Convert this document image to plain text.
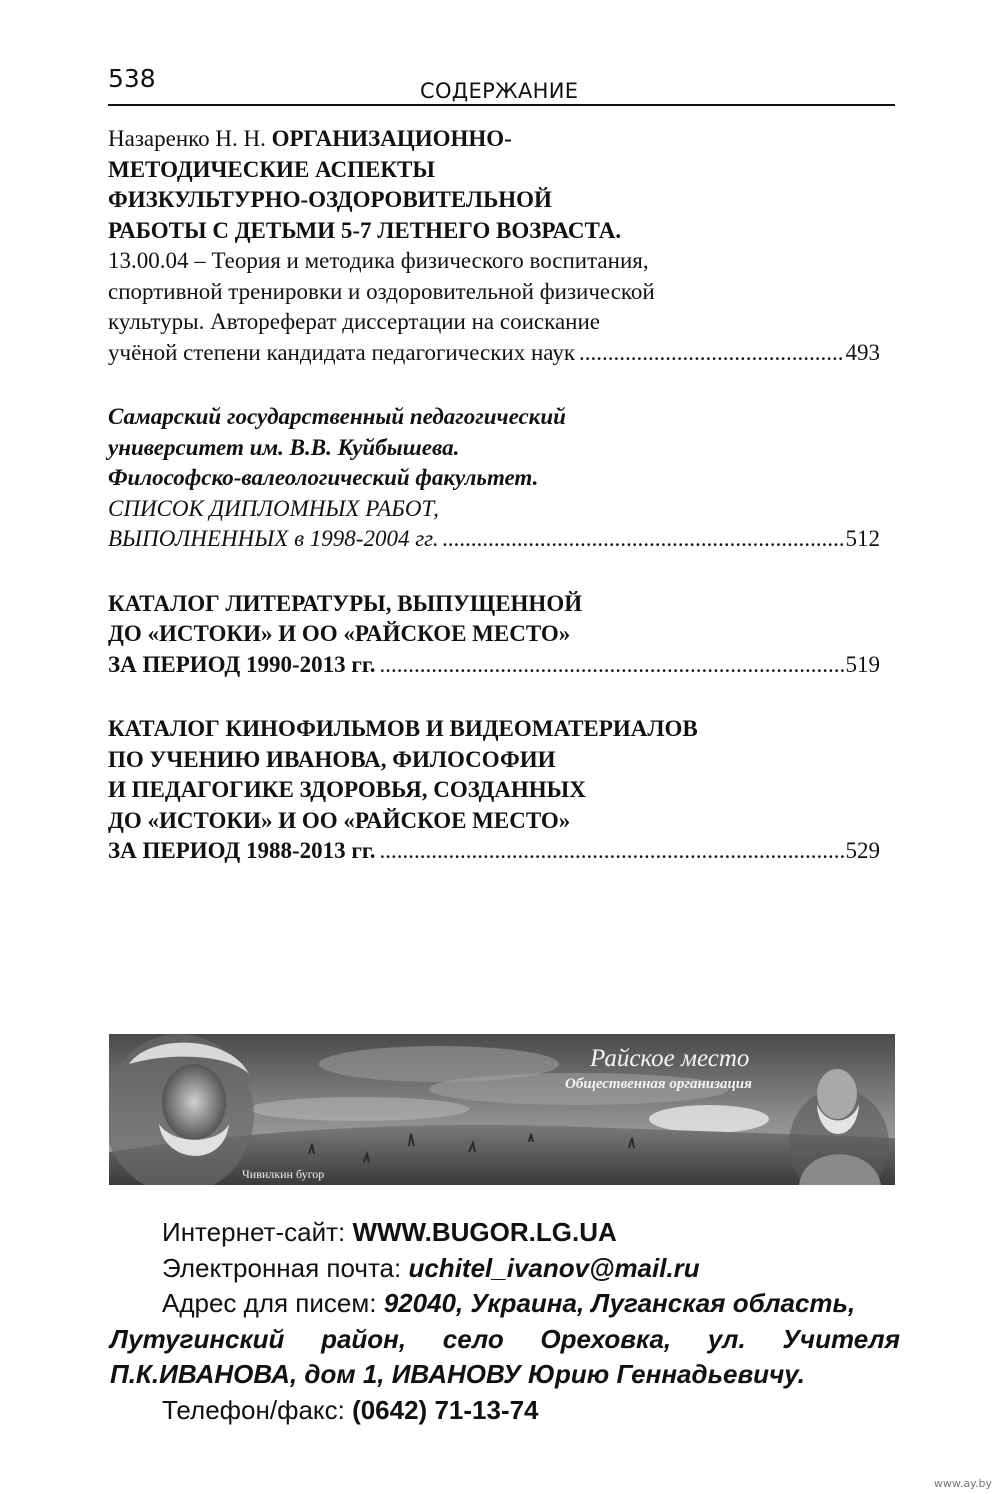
538	СОДЕРЖАНИЕ
Назаренко Н. Н. ОРГАНИЗАЦИОННО-
МЕТОДИЧЕСКИЕ АСПЕКТЫ
ФИЗКУЛЬТУРНО-ОЗДОРОВИТЕЛЬНОЙ
РАБОТЫ С ДЕТЬМИ 5-7 ЛЕТНЕГО ВОЗРАСТА.
13.00.04 – Теория и методика физического воспитания,
спортивной тренировки и оздоровительной физической
культуры. Автореферат диссертации на соискание
учёной степени кандидата педагогических наук .....	493
Самарский государственный педагогический
университет им. В.В. Куйбышева.
Философско-валеологический факультет.
СПИСОК ДИПЛОМНЫХ РАБОТ,
ВЫПОЛНЕННЫХ в 1998-2004 гг. .....	512
КАТАЛОГ ЛИТЕРАТУРЫ, ВЫПУЩЕННОЙ
ДО «ИСТОКИ» И ОО «РАЙСКОЕ МЕСТО»
ЗА ПЕРИОД 1990-2013 гг. .....	519
КАТАЛОГ КИНОФИЛЬМОВ И ВИДЕОМАТЕРИАЛОВ
ПО УЧЕНИЮ ИВАНОВА, ФИЛОСОФИИ
И ПЕДАГОГИКЕ ЗДОРОВЬЯ, СОЗДАННЫХ
ДО «ИСТОКИ» И ОО «РАЙСКОЕ МЕСТО»
ЗА ПЕРИОД 1988-2013 гг. .....	529
Райское место
Общественная организация
Чивилкин бугор
Интернет-сайт: WWW.BUGOR.LG.UA
Электронная почта: uchitel_ivanov@mail.ru
Адрес для писем: 92040, Украина, Луганская область,
Лутугинский район, село Ореховка, ул. Учителя
П.К.ИВАНОВА, дом 1, ИВАНОВУ Юрию Геннадьевичу.
Телефон/факс: (0642) 71-13-74
www.ay.by
